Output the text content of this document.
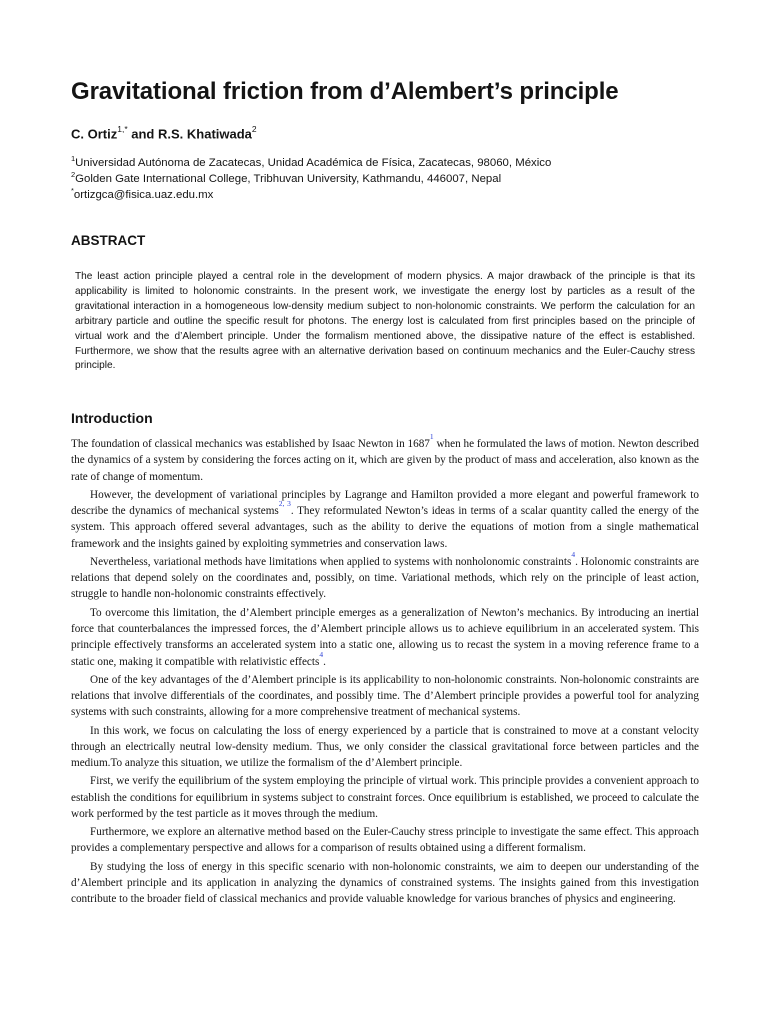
Gravitational friction from d’Alembert’s principle
C. Ortiz$^{1,*}$ and R.S. Khatiwada$^2$
$^1$Universidad Autónoma de Zacatecas, Unidad Académica de Física, Zacatecas, 98060, México
$^2$Golden Gate International College, Tribhuvan University, Kathmandu, 446007, Nepal
*ortizgca@fisica.uaz.edu.mx
ABSTRACT

The least action principle played a central role in the development of modern physics. A major drawback of the principle is that its applicability is limited to holonomic constraints. In the present work, we investigate the energy lost by particles as a result of the gravitational interaction in a homogeneous low-density medium subject to non-holonomic constraints. We perform the calculation for an arbitrary particle and outline the specific result for photons. The energy lost is calculated from first principles based on the principle of virtual work and the d’Alembert principle. Under the formalism mentioned above, the dissipative nature of the effect is established. Furthermore, we show that the results agree with an alternative derivation based on continuum mechanics and the Euler-Cauchy stress principle.

Introduction

The foundation of classical mechanics was established by Isaac Newton in 1687$^1$ when he formulated the laws of motion. Newton described the dynamics of a system by considering the forces acting on it, which are given by the product of mass and acceleration, also known as the rate of change of momentum.

However, the development of variational principles by Lagrange and Hamilton provided a more elegant and powerful framework to describe the dynamics of mechanical systems$^{2, 3}$. They reformulated Newton’s ideas in terms of a scalar quantity called the energy of the system. This approach offered several advantages, such as the ability to derive the equations of motion from a single mathematical framework and the insights gained by exploiting symmetries and conservation laws.

Nevertheless, variational methods have limitations when applied to systems with nonholonomic constraints$^4$. Holonomic constraints are relations that depend solely on the coordinates and, possibly, on time. Variational methods, which rely on the principle of least action, struggle to handle non-holonomic constraints effectively.

To overcome this limitation, the d’Alembert principle emerges as a generalization of Newton’s mechanics. By introducing an inertial force that counterbalances the impressed forces, the d’Alembert principle allows us to achieve equilibrium in an accelerated system. This principle effectively transforms an accelerated system into a static one, allowing us to recast the system in a moving reference frame to a static one, making it compatible with relativistic effects$^4$.

One of the key advantages of the d’Alembert principle is its applicability to non-holonomic constraints. Non-holonomic constraints are relations that involve differentials of the coordinates, and possibly time. The d’Alembert principle provides a powerful tool for analyzing systems with such constraints, allowing for a more comprehensive treatment of mechanical systems.

In this work, we focus on calculating the loss of energy experienced by a particle that is constrained to move at a constant velocity through an electrically neutral low-density medium. Thus, we only consider the classical gravitational force between particles and the medium.To analyze this situation, we utilize the formalism of the d’Alembert principle.

First, we verify the equilibrium of the system employing the principle of virtual work. This principle provides a convenient approach to establish the conditions for equilibrium in systems subject to constraint forces. Once equilibrium is established, we proceed to calculate the work performed by the test particle as it moves through the medium.

Furthermore, we explore an alternative method based on the Euler-Cauchy stress principle to investigate the same effect. This approach provides a complementary perspective and allows for a comparison of results obtained using a different formalism.

By studying the loss of energy in this specific scenario with non-holonomic constraints, we aim to deepen our understanding of the d’Alembert principle and its application in analyzing the dynamics of constrained systems. The insights gained from this investigation contribute to the broader field of classical mechanics and provide valuable knowledge for various branches of physics and engineering.
